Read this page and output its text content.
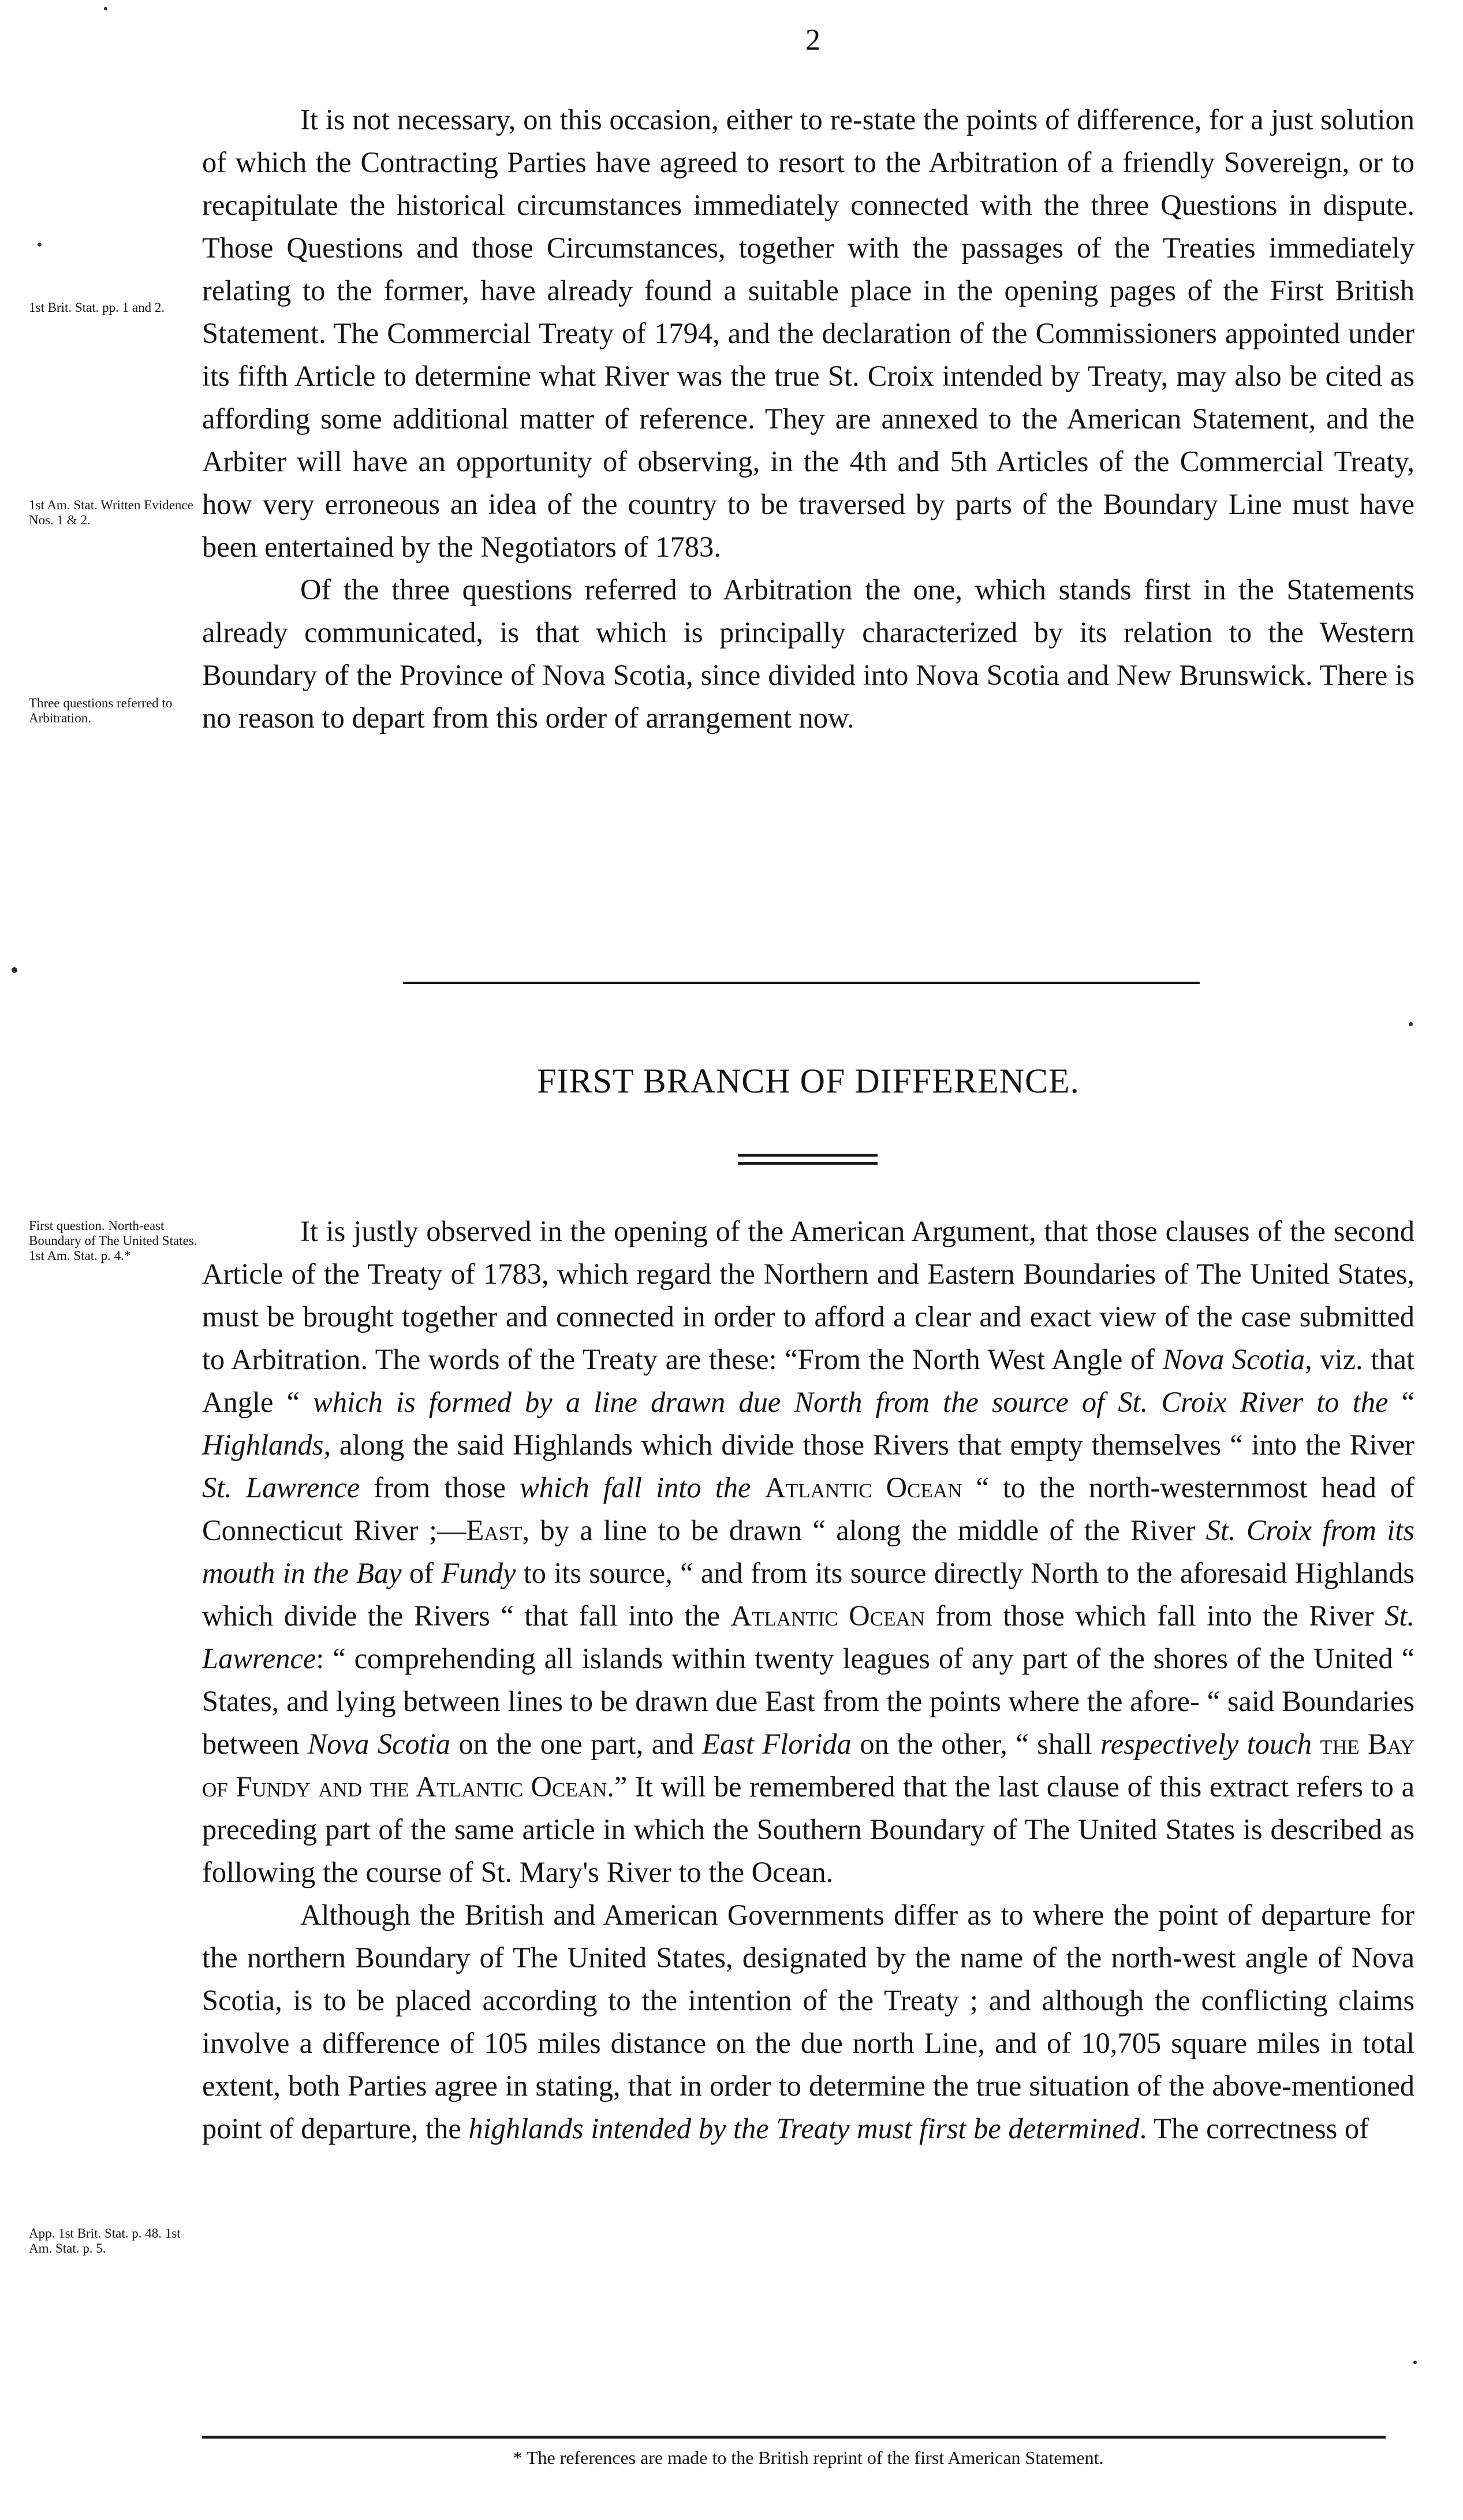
2
1st Brit. Stat. pp. 1 and 2.
1st Am. Stat. Written Evidence Nos. 1 & 2.
Three questions referred to Arbitration.
First question. North-east Boundary of The United States. 1st Am. Stat. p. 4.*
App. 1st Brit. Stat. p. 48. 1st Am. Stat. p. 5.

It is not necessary, on this occasion, either to re-state the points of difference, for a just solution of which the Contracting Parties have agreed to resort to the Arbitration of a friendly Sovereign, or to recapitulate the historical circumstances immediately connected with the three Questions in dispute. Those Questions and those Circumstances, together with the passages of the Treaties immediately relating to the former, have already found a suitable place in the opening pages of the First British Statement. The Commercial Treaty of 1794, and the declaration of the Commissioners appointed under its fifth Article to determine what River was the true St. Croix intended by Treaty, may also be cited as affording some additional matter of reference. They are annexed to the American Statement, and the Arbiter will have an opportunity of observing, in the 4th and 5th Articles of the Commercial Treaty, how very erroneous an idea of the country to be traversed by parts of the Boundary Line must have been entertained by the Negotiators of 1783.

Of the three questions referred to Arbitration the one, which stands first in the Statements already communicated, is that which is principally characterized by its relation to the Western Boundary of the Province of Nova Scotia, since divided into Nova Scotia and New Brunswick. There is no reason to depart from this order of arrangement now.

FIRST BRANCH OF DIFFERENCE.

It is justly observed in the opening of the American Argument, that those clauses of the second Article of the Treaty of 1783, which regard the Northern and Eastern Boundaries of The United States, must be brought together and connected in order to afford a clear and exact view of the case submitted to Arbitration. The words of the Treaty are these: “From the North West Angle of Nova Scotia, viz. that Angle “ which is formed by a line drawn due North from the source of St. Croix River to the “ Highlands, along the said Highlands which divide those Rivers that empty themselves “ into the River St. Lawrence from those which fall into the Atlantic Ocean “ to the north-westernmost head of Connecticut River ;—East, by a line to be drawn “ along the middle of the River St. Croix from its mouth in the Bay of Fundy to its source, “ and from its source directly North to the aforesaid Highlands which divide the Rivers “ that fall into the Atlantic Ocean from those which fall into the River St. Lawrence: “ comprehending all islands within twenty leagues of any part of the shores of the United “ States, and lying between lines to be drawn due East from the points where the afore- “ said Boundaries between Nova Scotia on the one part, and East Florida on the other, “ shall respectively touch the Bay of Fundy and the Atlantic Ocean.” It will be remembered that the last clause of this extract refers to a preceding part of the same article in which the Southern Boundary of The United States is described as following the course of St. Mary's River to the Ocean.

Although the British and American Governments differ as to where the point of departure for the northern Boundary of The United States, designated by the name of the north-west angle of Nova Scotia, is to be placed according to the intention of the Treaty ; and although the conflicting claims involve a difference of 105 miles distance on the due north Line, and of 10,705 square miles in total extent, both Parties agree in stating, that in order to determine the true situation of the above-mentioned point of departure, the highlands intended by the Treaty must first be determined. The correctness of

* The references are made to the British reprint of the first American Statement.
